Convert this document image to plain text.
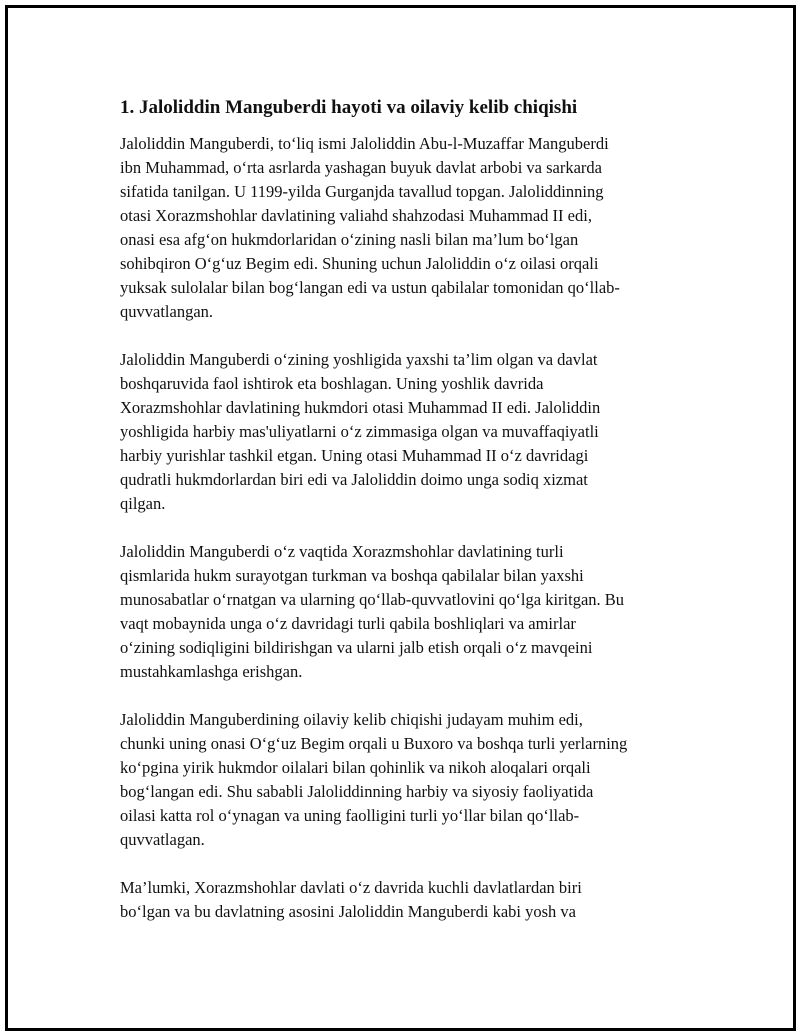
1. Jaloliddin Manguberdi hayoti va oilaviy kelib chiqishi

Jaloliddin Manguberdi, to‘liq ismi Jaloliddin Abu-l-Muzaffar Manguberdi
ibn Muhammad, o‘rta asrlarda yashagan buyuk davlat arbobi va sarkarda
sifatida tanilgan. U 1199-yilda Gurganjda tavallud topgan. Jaloliddinning
otasi Xorazmshohlar davlatining valiahd shahzodasi Muhammad II edi,
onasi esa afg‘on hukmdorlaridan o‘zining nasli bilan ma’lum bo‘lgan
sohibqiron O‘g‘uz Begim edi. Shuning uchun Jaloliddin o‘z oilasi orqali
yuksak sulolalar bilan bog‘langan edi va ustun qabilalar tomonidan qo‘llab-
quvvatlangan.

Jaloliddin Manguberdi o‘zining yoshligida yaxshi ta’lim olgan va davlat
boshqaruvida faol ishtirok eta boshlagan. Uning yoshlik davrida
Xorazmshohlar davlatining hukmdori otasi Muhammad II edi. Jaloliddin
yoshligida harbiy mas'uliyatlarni o‘z zimmasiga olgan va muvaffaqiyatli
harbiy yurishlar tashkil etgan. Uning otasi Muhammad II o‘z davridagi
qudratli hukmdorlardan biri edi va Jaloliddin doimo unga sodiq xizmat
qilgan.

Jaloliddin Manguberdi o‘z vaqtida Xorazmshohlar davlatining turli
qismlarida hukm surayotgan turkman va boshqa qabilalar bilan yaxshi
munosabatlar o‘rnatgan va ularning qo‘llab-quvvatlovini qo‘lga kiritgan. Bu
vaqt mobaynida unga o‘z davridagi turli qabila boshliqlari va amirlar
o‘zining sodiqligini bildirishgan va ularni jalb etish orqali o‘z mavqeini
mustahkamlashga erishgan.

Jaloliddin Manguberdining oilaviy kelib chiqishi judayam muhim edi,
chunki uning onasi O‘g‘uz Begim orqali u Buxoro va boshqa turli yerlarning
ko‘pgina yirik hukmdor oilalari bilan qohinlik va nikoh aloqalari orqali
bog‘langan edi. Shu sababli Jaloliddinning harbiy va siyosiy faoliyatida
oilasi katta rol o‘ynagan va uning faolligini turli yo‘llar bilan qo‘llab-
quvvatlagan.

Ma’lumki, Xorazmshohlar davlati o‘z davrida kuchli davlatlardan biri
bo‘lgan va bu davlatning asosini Jaloliddin Manguberdi kabi yosh va
